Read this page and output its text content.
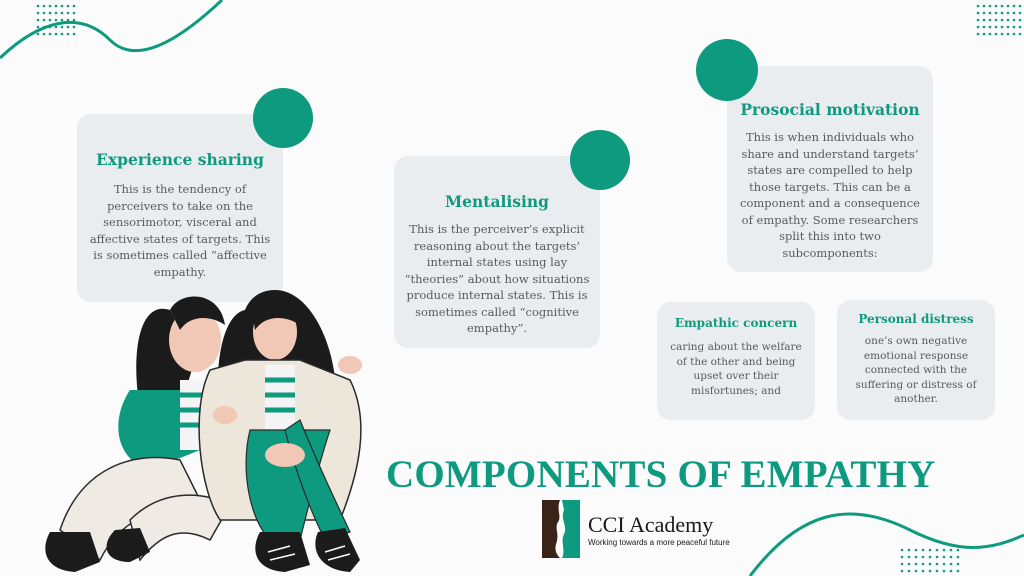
Experience sharing

This is the tendency of

perceivers to take on the

sensorimotor, visceral and

affective states of targets. This

is sometimes called “affective

empathy.

Mentalising

This is the perceiver’s explicit

reasoning about the targets’

internal states using lay

“theories” about how situations

produce internal states. This is

sometimes called “cognitive

empathy”.

Prosocial motivation

This is when individuals who

share and understand targets’

states are compelled to help

those targets. This can be a

component and a consequence

of empathy. Some researchers

split this into two

subcomponents:

Empathic concern

caring about the welfare

of the other and being

upset over their

misfortunes; and

Personal distress

one’s own negative

emotional response

connected with the

suffering or distress of

another.

COMPONENTS OF EMPATHY
CCI Academy
Working towards a more peaceful future
